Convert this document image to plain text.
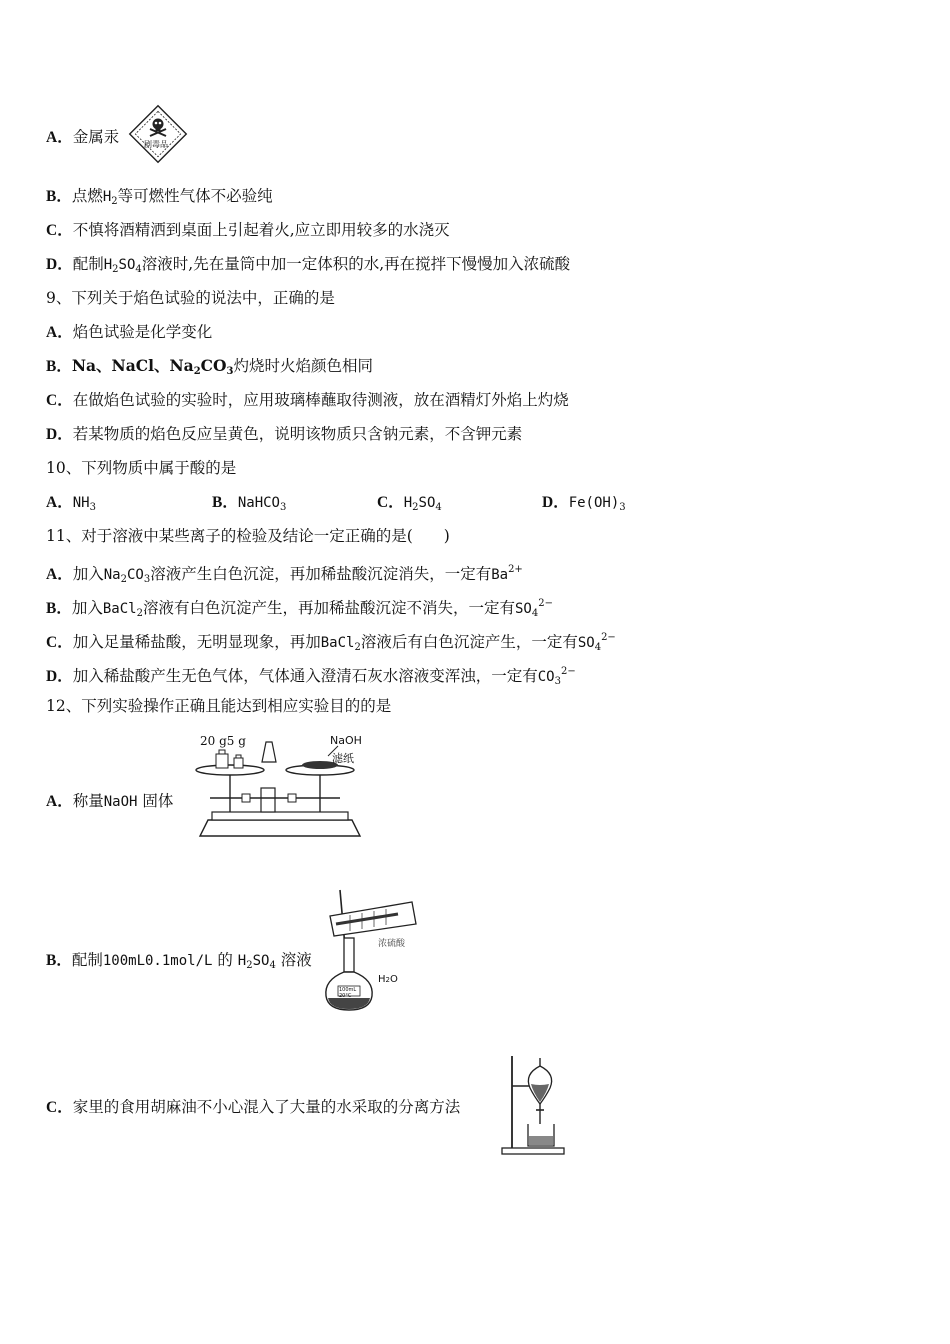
A．金属汞	剧毒品
B．点燃$H_2$等可燃性气体不必验纯
C．不慎将酒精洒到桌面上引起着火,应立即用较多的水浇灭
D．配制$H_2SO_4$溶液时,先在量筒中加一定体积的水,再在搅拌下慢慢加入浓硫酸
9、下列关于焰色试验的说法中，正确的是
A．焰色试验是化学变化
B．Na、NaCl、$Na_2CO_3$灼烧时火焰颜色相同
C．在做焰色试验的实验时，应用玻璃棒蘸取待测液，放在酒精灯外焰上灼烧
D．若某物质的焰色反应呈黄色，说明该物质只含钠元素，不含钾元素
10、下列物质中属于酸的是
A．$NH_3$	B．NaHCO$_3$	C．$H_2SO_4$	D．$Fe(OH)_3$
11、对于溶液中某些离子的检验及结论一定正确的是(　　)
A．加入$Na_2CO_3$溶液产生白色沉淀，再加稀盐酸沉淀消失，一定有$Ba^{2+}$
B．加入BaCl$_2$溶液有白色沉淀产生，再加稀盐酸沉淀不消失，一定有$SO_4^{2-}$
C．加入足量稀盐酸，无明显现象，再加BaCl$_2$溶液后有白色沉淀产生，一定有$SO_4^{2-}$
D．加入稀盐酸产生无色气体，气体通入澄清石灰水溶液变浑浊，一定有$CO_3^{2-}$
12、下列实验操作正确且能达到相应实验目的的是
A．称量NaOH 固体
20 g5 g	NaOH
滤纸
B．配制100mL0.1mol/L 的 $H_2SO_4$ 溶液
浓硫酸
H2O
100mL 20°C
C．家里的食用胡麻油不小心混入了大量的水采取的分离方法
